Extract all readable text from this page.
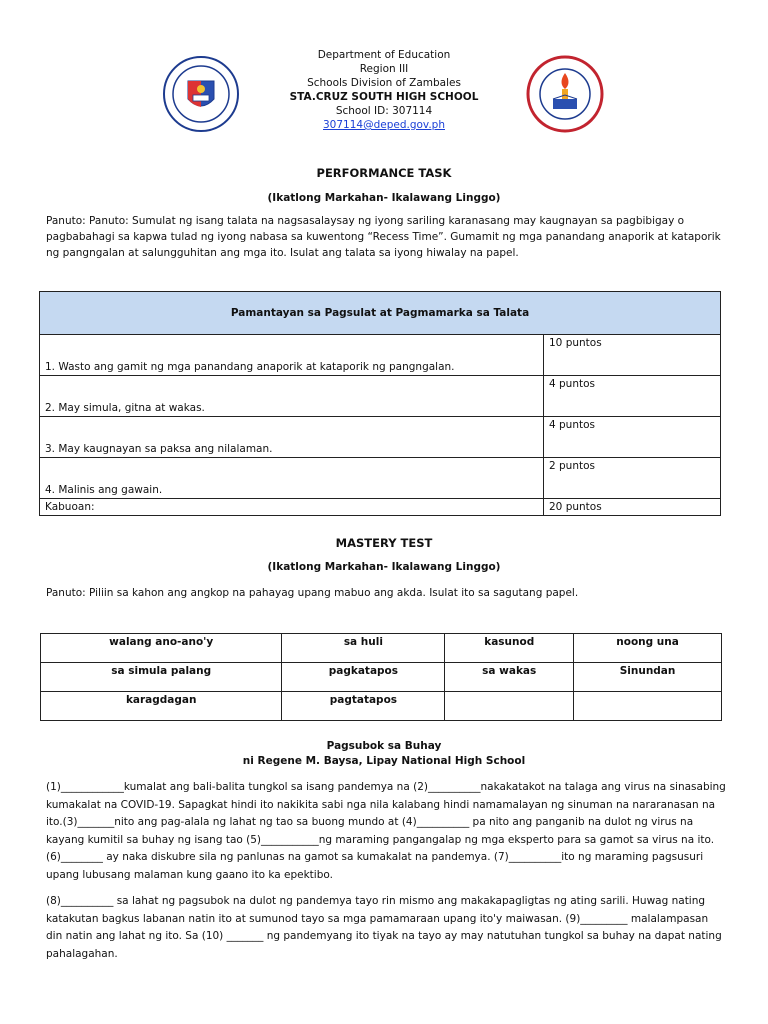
Department of Education
Region III
Schools Division of Zambales
STA.CRUZ SOUTH HIGH SCHOOL
School ID: 307114
307114@deped.gov.ph
PERFORMANCE TASK
(Ikatlong Markahan- Ikalawang Linggo)
Panuto: Panuto: Sumulat ng isang talata na nagsasalaysay ng iyong sariling karanasang may kaugnayan sa pagbibigay o pagbabahagi sa kapwa tulad ng iyong nabasa sa kuwentong “Recess Time”. Gumamit ng mga panandang anaporik at kataporik ng pangngalan at salungguhitan ang mga ito. Isulat ang talata sa iyong hiwalay na papel.
Pamantayan sa Pagsulat at Pagmamarka sa Talata	
1. Wasto ang gamit ng mga panandang anaporik at kataporik ng pangngalan.	10 puntos
2. May simula, gitna at wakas.	4 puntos
3. May kaugnayan sa paksa ang nilalaman.	4 puntos
4. Malinis ang gawain.	2 puntos
Kabuoan:	20 puntos
MASTERY TEST
(Ikatlong Markahan- Ikalawang Linggo)
Panuto: Piliin sa kahon ang angkop na pahayag upang mabuo ang akda. Isulat ito sa sagutang papel.
walang ano-ano'y	sa huli	kasunod	noong una
sa simula palang	pagkatapos	sa wakas	Sinundan
karagdagan	pagtatapos		
Pagsubok sa Buhay
ni Regene M. Baysa, Lipay National High School
(1)____________kumalat ang bali-balita tungkol sa isang pandemya na (2)__________nakakatakot na talaga ang virus na sinasabing kumakalat na COVID-19. Sapagkat hindi ito nakikita sabi nga nila kalabang hindi namamalayan ng sinuman na nararanasan na ito.(3)_______nito ang pag-alala ng lahat ng tao sa buong mundo at (4)__________ pa nito ang panganib na dulot ng virus na kayang kumitil sa buhay ng isang tao (5)___________ng maraming pangangalap ng mga eksperto para sa gamot sa virus na ito. (6)________ ay naka diskubre sila ng panlunas na gamot sa kumakalat na pandemya. (7)__________ito ng maraming pagsusuri upang lubusang malaman kung gaano ito ka epektibo.
(8)__________ sa lahat ng pagsubok na dulot ng pandemya tayo rin mismo ang makakapagligtas ng ating sarili. Huwag nating katakutan bagkus labanan natin ito at sumunod tayo sa mga pamamaraan upang ito'y maiwasan. (9)_________ malalampasan din natin ang lahat ng ito. Sa (10) _______ ng pandemyang ito tiyak na tayo ay may natutuhan tungkol sa buhay na dapat nating pahalagahan.
